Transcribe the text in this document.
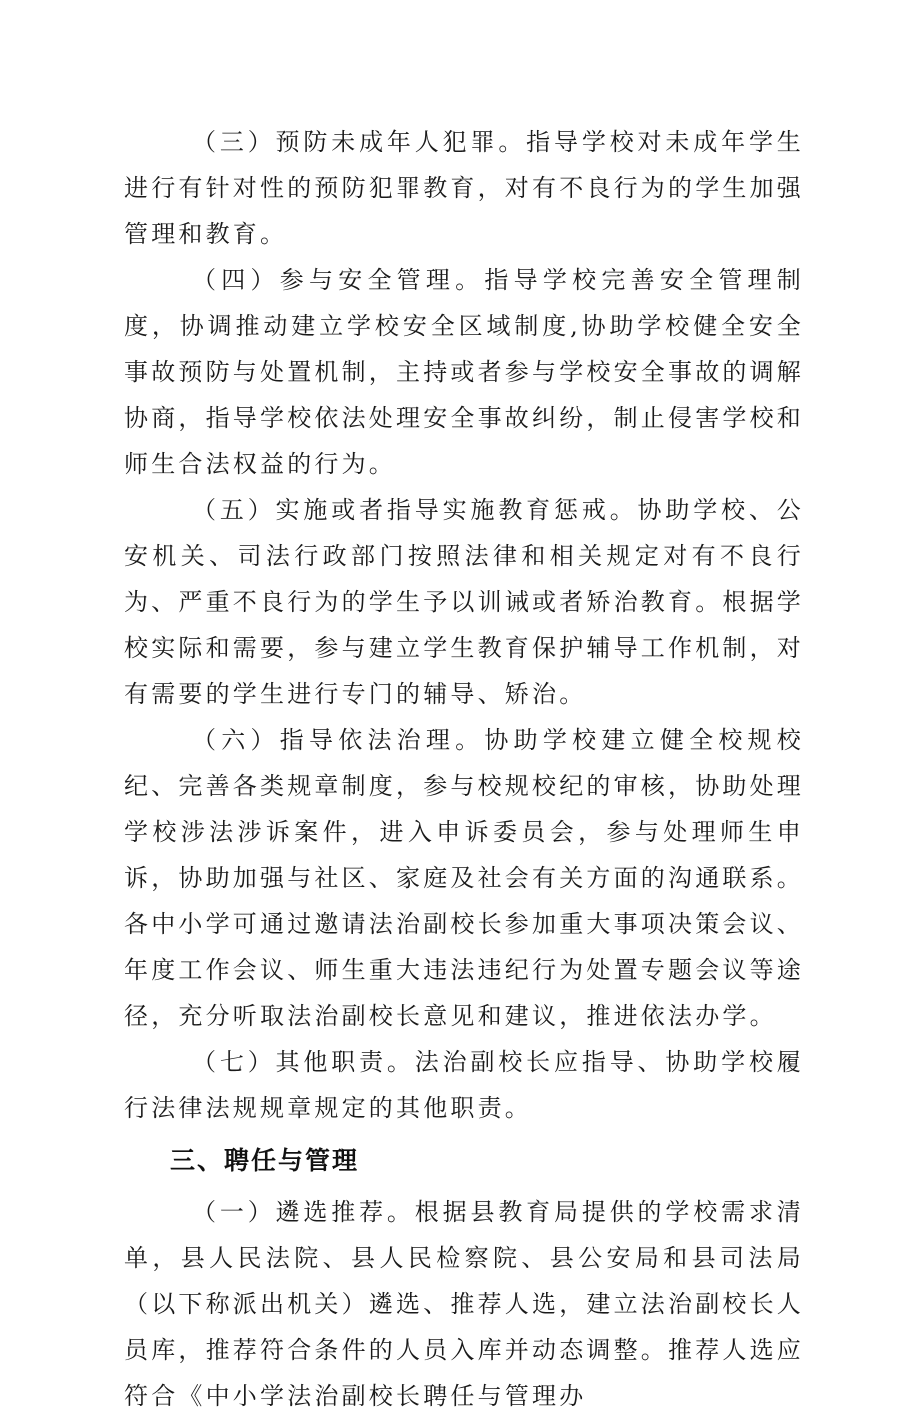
（三）预防未成年人犯罪。指导学校对未成年学生进行有针对性的预防犯罪教育，对有不良行为的学生加强管理和教育。

（四）参与安全管理。指导学校完善安全管理制度，协调推动建立学校安全区域制度,协助学校健全安全事故预防与处置机制，主持或者参与学校安全事故的调解协商，指导学校依法处理安全事故纠纷，制止侵害学校和师生合法权益的行为。

（五）实施或者指导实施教育惩戒。协助学校、公安机关、司法行政部门按照法律和相关规定对有不良行为、严重不良行为的学生予以训诫或者矫治教育。根据学校实际和需要，参与建立学生教育保护辅导工作机制，对有需要的学生进行专门的辅导、矫治。

（六）指导依法治理。协助学校建立健全校规校纪、完善各类规章制度，参与校规校纪的审核，协助处理学校涉法涉诉案件，进入申诉委员会，参与处理师生申诉，协助加强与社区、家庭及社会有关方面的沟通联系。各中小学可通过邀请法治副校长参加重大事项决策会议、年度工作会议、师生重大违法违纪行为处置专题会议等途径，充分听取法治副校长意见和建议，推进依法办学。

（七）其他职责。法治副校长应指导、协助学校履行法律法规规章规定的其他职责。

三、聘任与管理

（一）遴选推荐。根据县教育局提供的学校需求清单，县人民法院、县人民检察院、县公安局和县司法局（以下称派出机关）遴选、推荐人选，建立法治副校长人员库，推荐符合条件的人员入库并动态调整。推荐人选应符合《中小学法治副校长聘任与管理办
